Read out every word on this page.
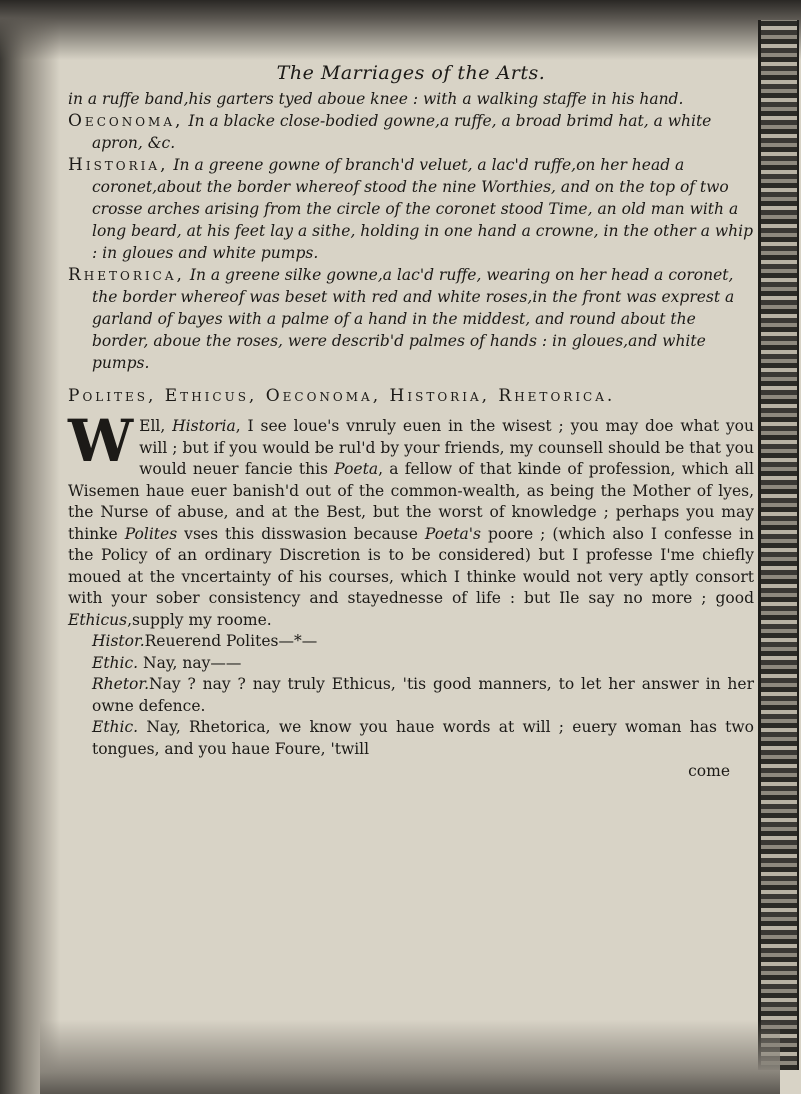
The Marriages of the Arts.

in a ruffe band,his garters tyed aboue knee : with a walking staffe in his hand.

Oeconoma, In a blacke close-bodied gowne,a ruffe, a broad brimd hat, a white apron, &c.

Historia, In a greene gowne of branch'd veluet, a lac'd ruffe,on her head a coronet,about the border whereof stood the nine Worthies, and on the top of two crosse arches arising from the circle of the coronet stood Time, an old man with a long beard, at his feet lay a sithe, holding in one hand a crowne, in the other a whip : in gloues and white pumps.

Rhetorica, In a greene silke gowne,a lac'd ruffe, wearing on her head a coronet, the border whereof was beset with red and white roses,in the front was exprest a garland of bayes with a palme of a hand in the middest, and round about the border, aboue the roses, were describ'd palmes of hands : in gloues,and white pumps.

Polites, Ethicus, Oeconoma, Historia, Rhetorica.

W Ell, Historia, I see loue's vnruly euen in the wisest ; you may doe what you will ; but if you would be rul'd by your friends, my counsell should be that you would neuer fancie this Poeta, a fellow of that kinde of profession, which all Wisemen haue euer banish'd out of the common-wealth, as being the Mother of lyes, the Nurse of abuse, and at the Best, but the worst of knowledge ; perhaps you may thinke Polites vses this disswasion because Poeta's poore ; (which also I confesse in the Policy of an ordinary Discretion is to be considered) but I professe I'me chiefly moued at the vncertainty of his courses, which I thinke would not very aptly consort with your sober consistency and stayednesse of life : but Ile say no more ; good Ethicus,supply my roome.

Histor.Reuerend Polites—*—

Ethic. Nay, nay——

Rhetor.Nay ? nay ? nay truly Ethicus, 'tis good manners, to let her answer in her owne defence.

Ethic. Nay, Rhetorica, we know you haue words at will ; euery woman has two tongues, and you haue Foure, 'twill

come
